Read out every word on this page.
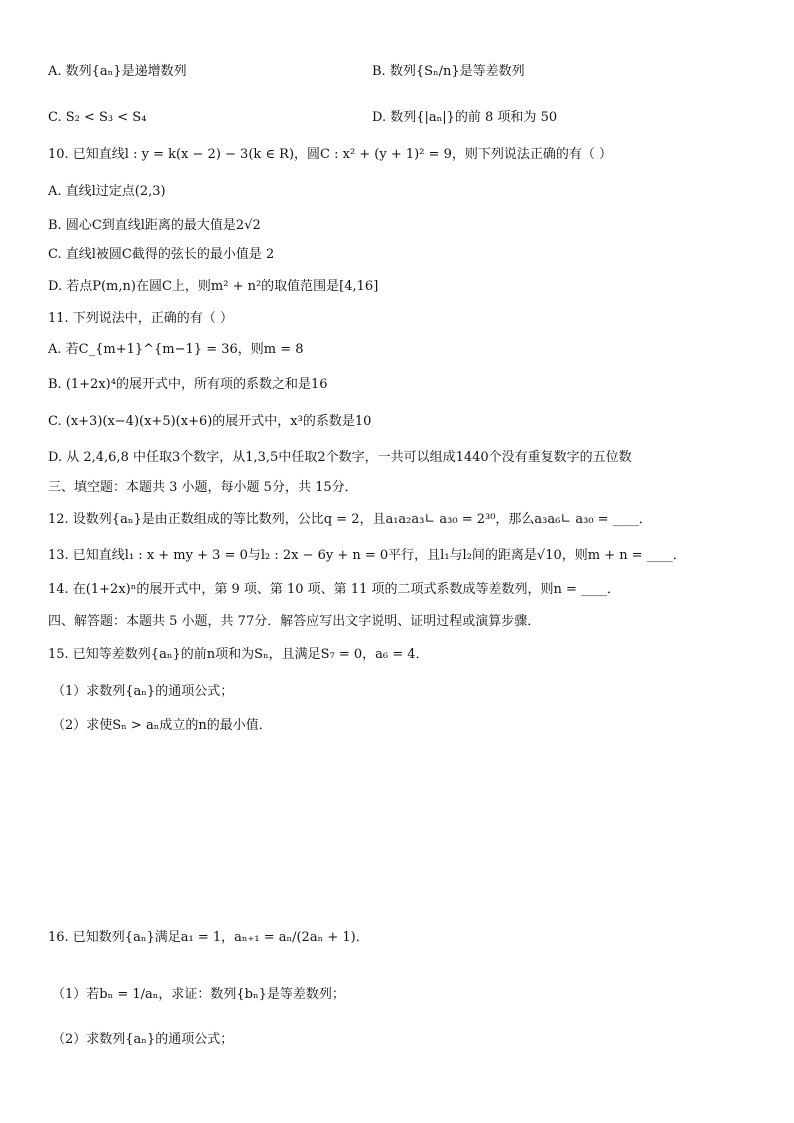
A. 数列{aₙ}是递增数列	B. 数列{Sₙ/n}是等差数列
C. S₂ < S₃ < S₄	D. 数列{|aₙ|}的前 8 项和为 50
10. 已知直线l : y = k(x − 2) − 3(k ∈ R)，圆C : x² + (y + 1)² = 9，则下列说法正确的有（ ）
A. 直线l过定点(2,3)
B. 圆心C到直线l距离的最大值是2√2
C. 直线l被圆C截得的弦长的最小值是 2
D. 若点P(m,n)在圆C上，则m² + n²的取值范围是[4,16]
11. 下列说法中，正确的有（ ）
A. 若C_{m+1}^{m−1} = 36，则m = 8
B. (1+2x)⁴的展开式中，所有项的系数之和是16
C. (x+3)(x−4)(x+5)(x+6)的展开式中，x³的系数是10
D. 从 2,4,6,8 中任取3个数字，从1,3,5中任取2个数字，一共可以组成1440个没有重复数字的五位数
三、填空题：本题共 3 小题，每小题 5分，共 15分．
12. 设数列{aₙ}是由正数组成的等比数列，公比q = 2，且a₁a₂a₃∟ a₃₀ = 2³⁰，那么a₃a₆∟ a₃₀ = ____．
13. 已知直线l₁ : x + my + 3 = 0与l₂ : 2x − 6y + n = 0平行，且l₁与l₂间的距离是√10，则m + n = ____．
14. 在(1+2x)ⁿ的展开式中，第 9 项、第 10 项、第 11 项的二项式系数成等差数列，则n = ____．
四、解答题：本题共 5 小题，共 77分．解答应写出文字说明、证明过程或演算步骤．
15. 已知等差数列{aₙ}的前n项和为Sₙ，且满足S₇ = 0，a₆ = 4．
（1）求数列{aₙ}的通项公式；
（2）求使Sₙ > aₙ成立的n的最小值．
16. 已知数列{aₙ}满足a₁ = 1，aₙ₊₁ = aₙ/(2aₙ + 1)．
（1）若bₙ = 1/aₙ，求证：数列{bₙ}是等差数列；
（2）求数列{aₙ}的通项公式；
